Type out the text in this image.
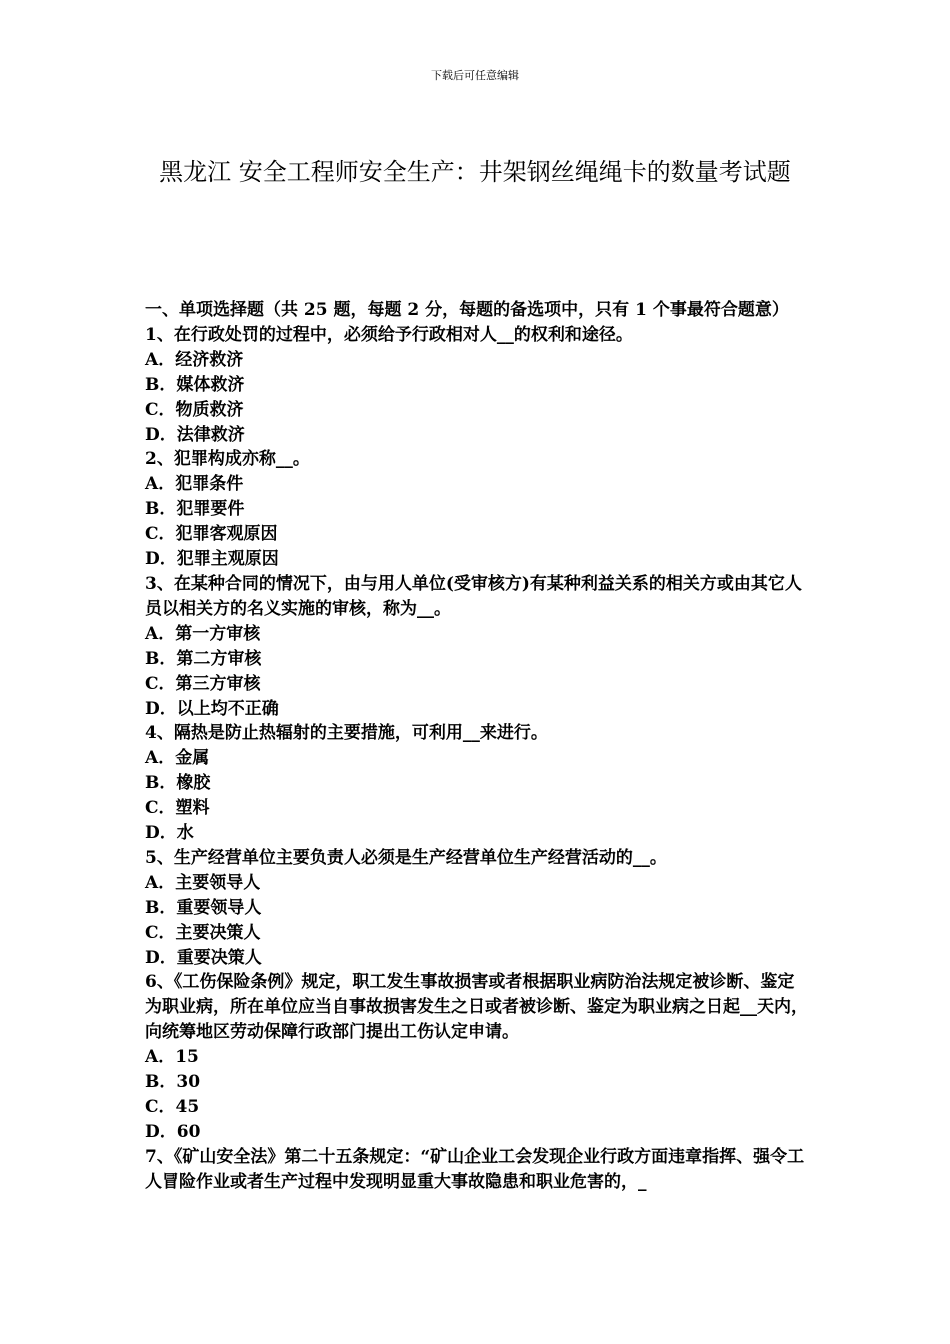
下载后可任意编辑
黑龙江 安全工程师安全生产：井架钢丝绳绳卡的数量考试题

一、单项选择题（共 25 题，每题 2 分，每题的备选项中，只有 1 个事最符合题意）

1、在行政处罚的过程中，必须给予行政相对人__的权利和途径。

A．经济救济

B．媒体救济

C．物质救济

D．法律救济

2、犯罪构成亦称__。

A．犯罪条件

B．犯罪要件

C．犯罪客观原因

D．犯罪主观原因

3、在某种合同的情况下，由与用人单位(受审核方)有某种利益关系的相关方或由其它人员以相关方的名义实施的审核，称为__。

A．第一方审核

B．第二方审核

C．第三方审核

D．以上均不正确

4、隔热是防止热辐射的主要措施，可利用__来进行。

A．金属

B．橡胶

C．塑料

D．水

5、生产经营单位主要负责人必须是生产经营单位生产经营活动的__。

A．主要领导人

B．重要领导人

C．主要决策人

D．重要决策人

6、《工伤保险条例》规定，职工发生事故损害或者根据职业病防治法规定被诊断、鉴定为职业病，所在单位应当自事故损害发生之日或者被诊断、鉴定为职业病之日起__天内，向统筹地区劳动保障行政部门提出工伤认定申请。

A．15

B．30

C．45

D．60

7、《矿山安全法》第二十五条规定：“矿山企业工会发现企业行政方面违章指挥、强令工人冒险作业或者生产过程中发现明显重大事故隐患和职业危害的，_
